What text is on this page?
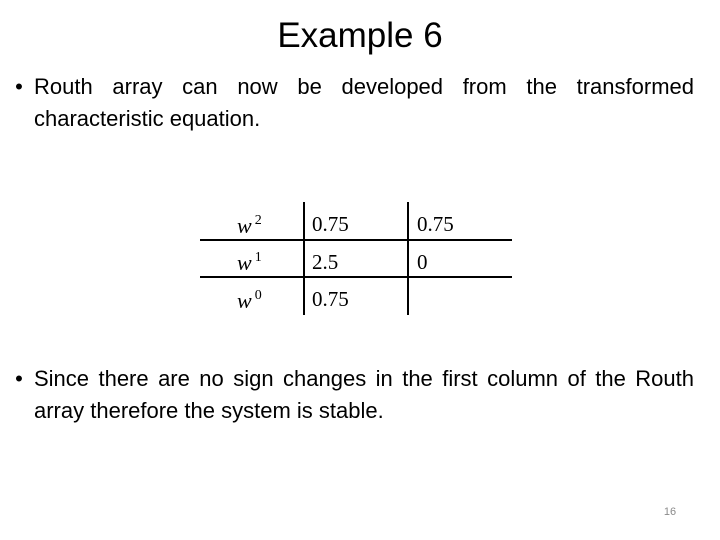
Example 6
• Routh array can now be developed from the transformed characteristic equation.
w $^2$ 0.75	0.75
w $^1$ 2.5	0
w $^0$ 0.75
• Since there are no sign changes in the first column of the Routh array therefore the system is stable.
16
